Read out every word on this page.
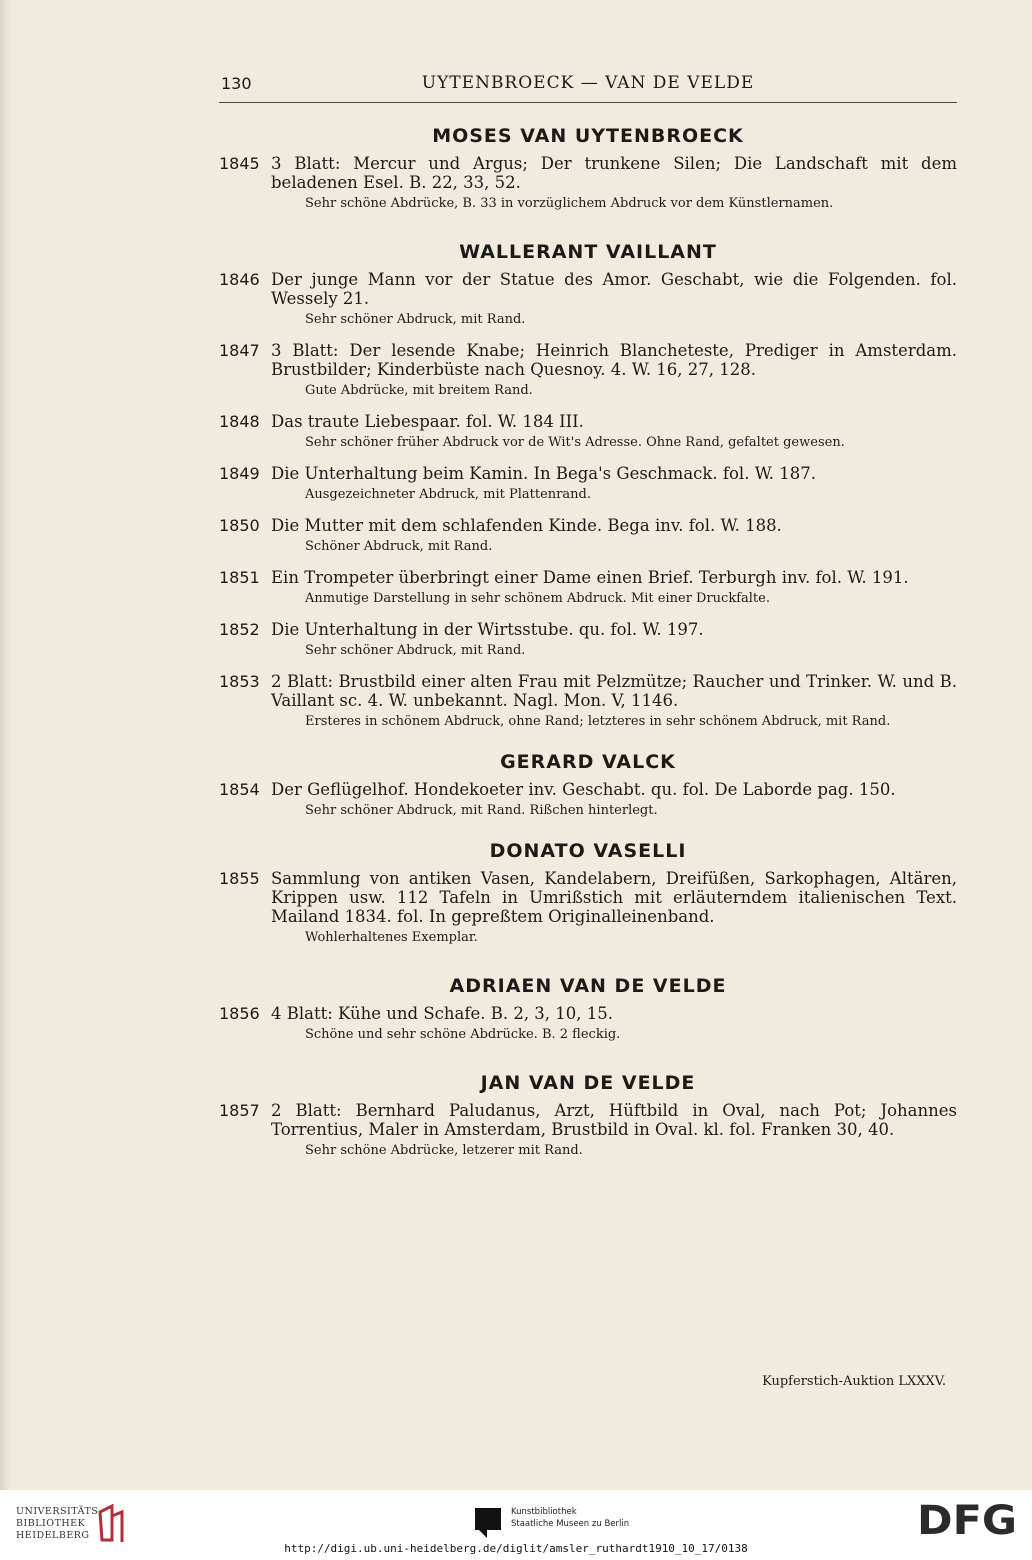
130	UYTENBROECK — VAN DE VELDE
MOSES VAN UYTENBROECK
1845 3 Blatt: Mercur und Argus; Der trunkene Silen; Die Landschaft mit dem beladenen Esel. B. 22, 33, 52.
Sehr schöne Abdrücke, B. 33 in vorzüglichem Abdruck vor dem Künstlernamen.
WALLERANT VAILLANT
1846 Der junge Mann vor der Statue des Amor. Geschabt, wie die Folgenden. fol. Wessely 21.
Sehr schöner Abdruck, mit Rand.
1847 3 Blatt: Der lesende Knabe; Heinrich Blancheteste, Prediger in Amsterdam. Brustbilder; Kinderbüste nach Quesnoy. 4. W. 16, 27, 128.
Gute Abdrücke, mit breitem Rand.
1848 Das traute Liebespaar. fol. W. 184 III.
Sehr schöner früher Abdruck vor de Wit's Adresse. Ohne Rand, gefaltet gewesen.
1849 Die Unterhaltung beim Kamin. In Bega's Geschmack. fol. W. 187.
Ausgezeichneter Abdruck, mit Plattenrand.
1850 Die Mutter mit dem schlafenden Kinde. Bega inv. fol. W. 188.
Schöner Abdruck, mit Rand.
1851 Ein Trompeter überbringt einer Dame einen Brief. Terburgh inv. fol. W. 191.
Anmutige Darstellung in sehr schönem Abdruck. Mit einer Druckfalte.
1852 Die Unterhaltung in der Wirtsstube. qu. fol. W. 197.
Sehr schöner Abdruck, mit Rand.
1853 2 Blatt: Brustbild einer alten Frau mit Pelzmütze; Raucher und Trinker. W. und B. Vaillant sc. 4. W. unbekannt. Nagl. Mon. V, 1146.
Ersteres in schönem Abdruck, ohne Rand; letzteres in sehr schönem Abdruck, mit Rand.
GERARD VALCK
1854 Der Geflügelhof. Hondekoeter inv. Geschabt. qu. fol. De Laborde pag. 150.
Sehr schöner Abdruck, mit Rand. Rißchen hinterlegt.
DONATO VASELLI
1855 Sammlung von antiken Vasen, Kandelabern, Dreifüßen, Sarkophagen, Altären, Krippen usw. 112 Tafeln in Umrißstich mit erläuterndem italienischen Text. Mailand 1834. fol. In gepreßtem Originalleinenband.
Wohlerhaltenes Exemplar.
ADRIAEN VAN DE VELDE
1856 4 Blatt: Kühe und Schafe. B. 2, 3, 10, 15.
Schöne und sehr schöne Abdrücke. B. 2 fleckig.
JAN VAN DE VELDE
1857 2 Blatt: Bernhard Paludanus, Arzt, Hüftbild in Oval, nach Pot; Johannes Torrentius, Maler in Amsterdam, Brustbild in Oval. kl. fol. Franken 30, 40.
Sehr schöne Abdrücke, letzerer mit Rand.
Kupferstich-Auktion LXXXV.
UNIVERSITÄTS-
BIBLIOTHEK
HEIDELBERG
Kunstbibliothek
Staatliche Museen zu Berlin	DFG
http://digi.ub.uni-heidelberg.de/diglit/amsler_ruthardt1910_10_17/0138
